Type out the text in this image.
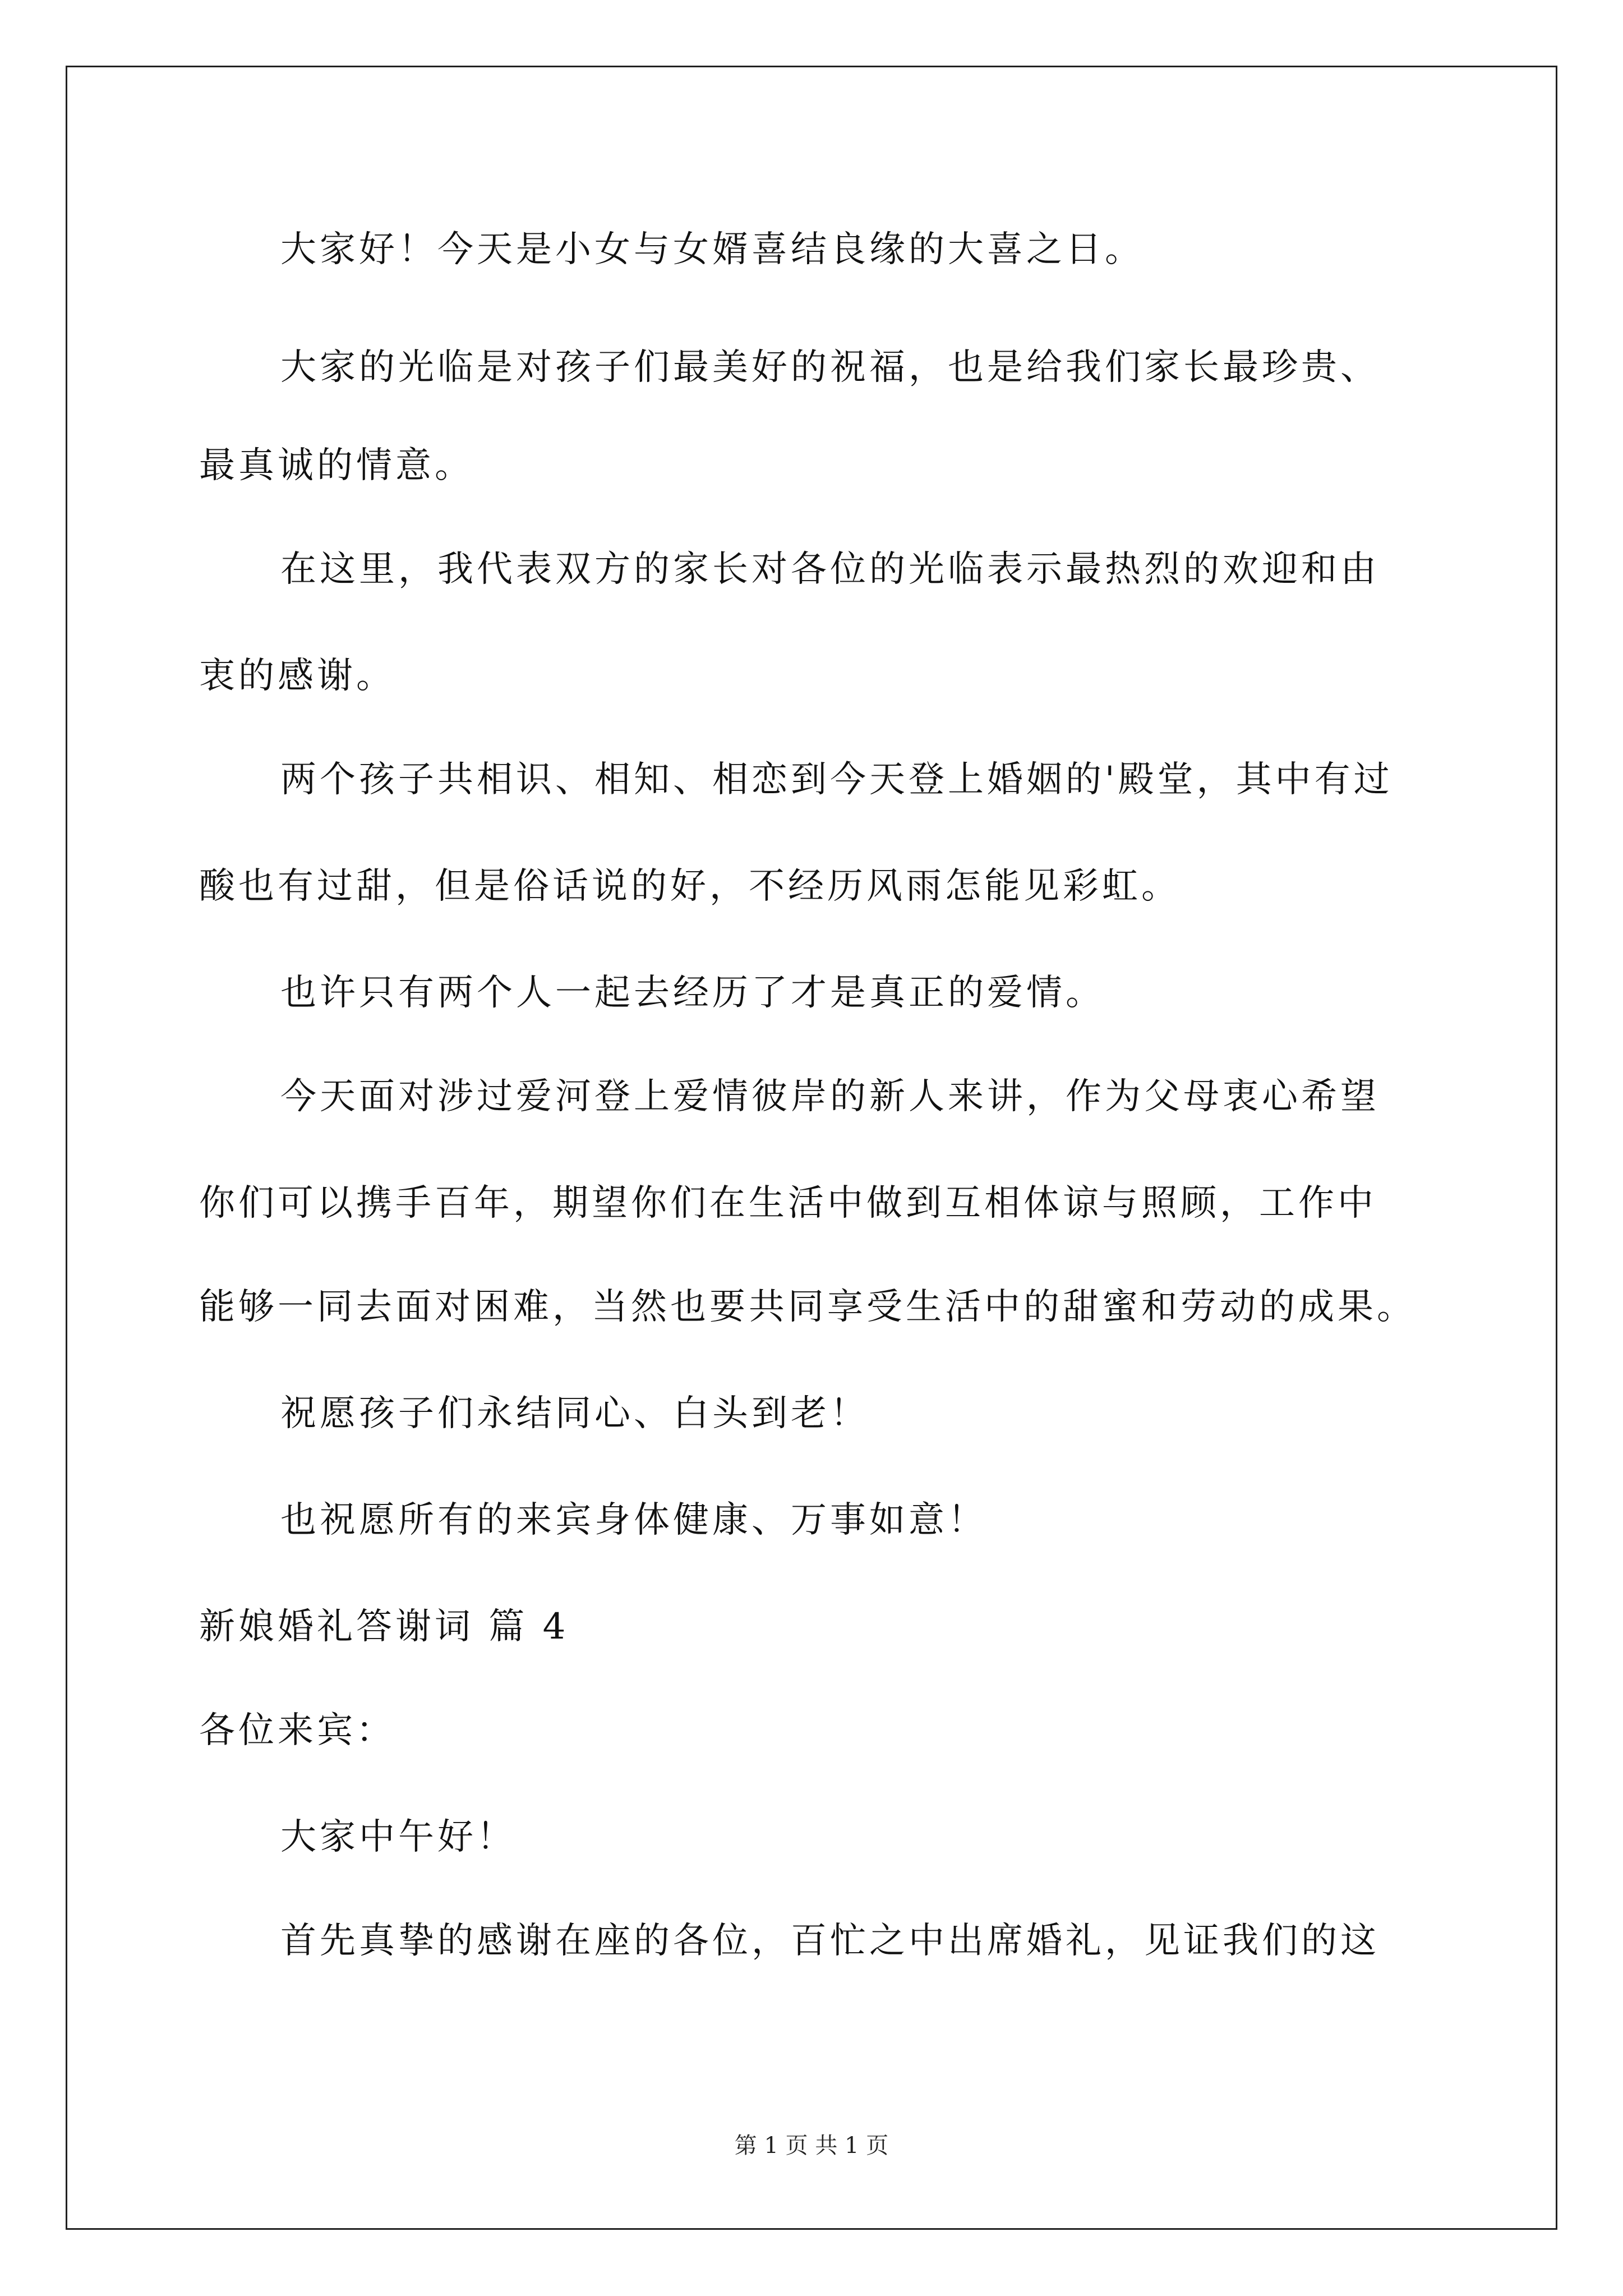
大家好！今天是小女与女婿喜结良缘的大喜之日。
大家的光临是对孩子们最美好的祝福，也是给我们家长最珍贵、
最真诚的情意。
在这里，我代表双方的家长对各位的光临表示最热烈的欢迎和由
衷的感谢。
两个孩子共相识、相知、相恋到今天登上婚姻的'殿堂，其中有过
酸也有过甜，但是俗话说的好，不经历风雨怎能见彩虹。
也许只有两个人一起去经历了才是真正的爱情。
今天面对涉过爱河登上爱情彼岸的新人来讲，作为父母衷心希望
你们可以携手百年，期望你们在生活中做到互相体谅与照顾，工作中
能够一同去面对困难，当然也要共同享受生活中的甜蜜和劳动的成果。
祝愿孩子们永结同心、白头到老！
也祝愿所有的来宾身体健康、万事如意！
新娘婚礼答谢词 篇 4
各位来宾：
大家中午好！
首先真挚的感谢在座的各位，百忙之中出席婚礼，见证我们的这
第 1 页 共 1 页
